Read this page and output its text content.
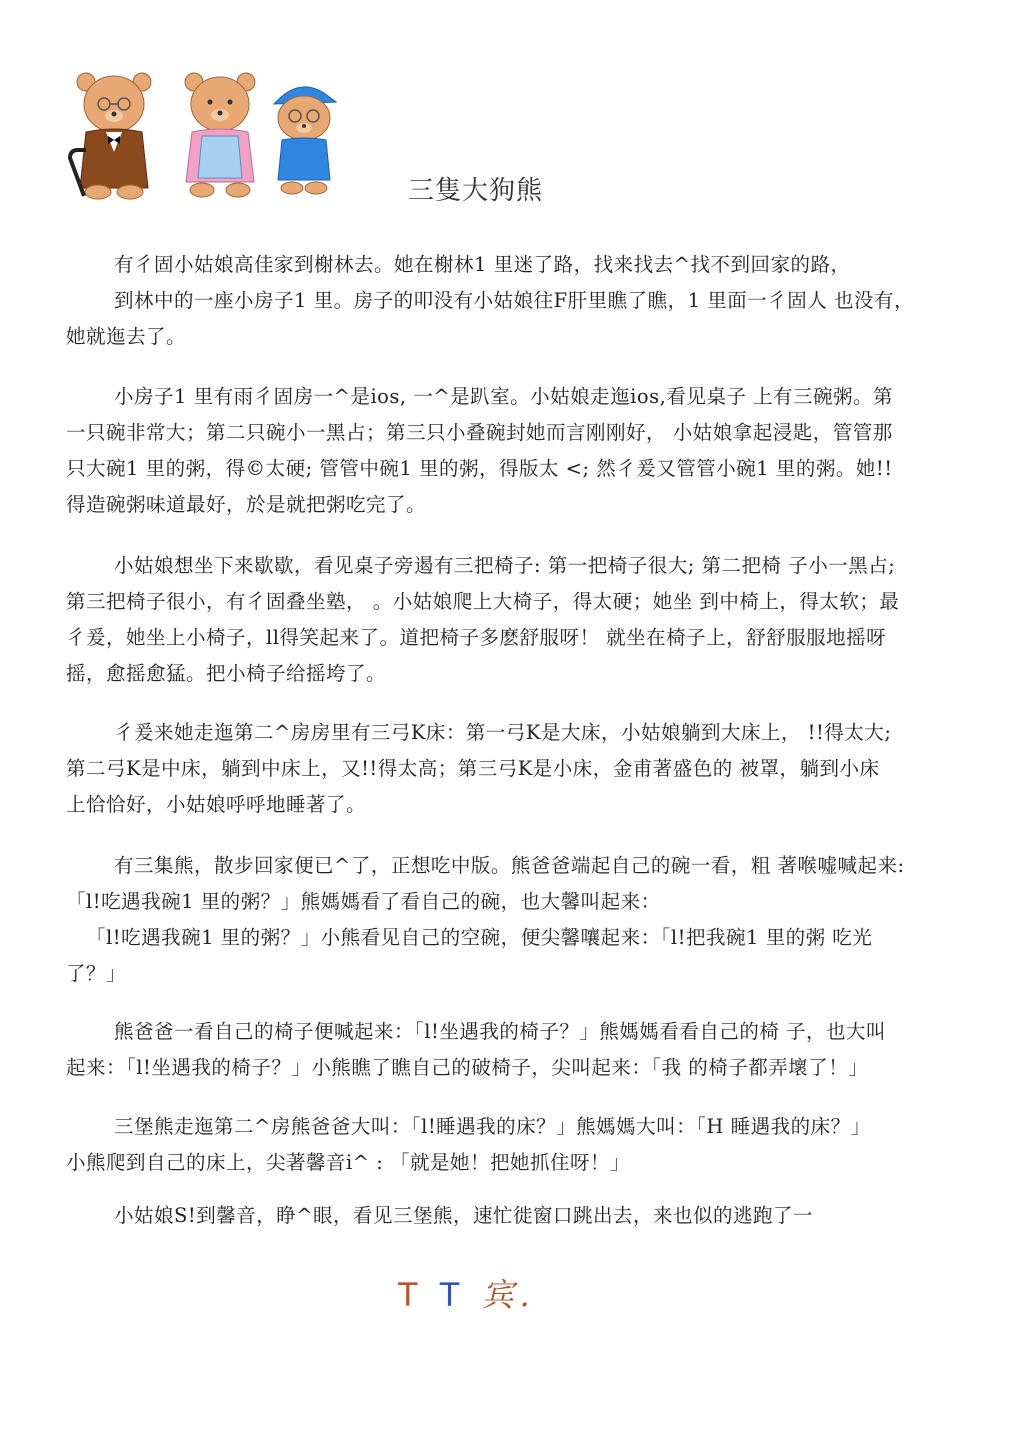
三隻大狗熊
有彳固小姑娘高佳家到榭林去。她在榭林1 里迷了路，找来找去^找不到回家的路，
到林中的一座小房子1 里。房子的叩没有小姑娘往F肝里瞧了瞧，1 里面一彳固人 也没有，
她就迤去了。
小房子1 里有雨彳固房一^是ios, 一^是趴室。小姑娘走迤ios,看见桌子 上有三碗粥。第
一只碗非常大；第二只碗小一黑占；第三只小叠碗封她而言刚刚好， 小姑娘拿起浸匙，管管那
只大碗1 里的粥，得©太硬; 管管中碗1 里的粥，得版太 <; 然彳爰又管管小碗1 里的粥。她!!
得造碗粥味道最好，於是就把粥吃完了。
小姑娘想坐下来歇歇，看见桌子旁遏有三把椅子: 第一把椅子很大; 第二把椅 子小一黑占;
第三把椅子很小，有彳固叠坐塾， 。小姑娘爬上大椅子，得太硬；她坐 到中椅上，得太软；最
彳爰，她坐上小椅子，ll得笑起来了。道把椅子多麽舒服呀！ 就坐在椅子上，舒舒服服地摇呀
摇，愈摇愈猛。把小椅子给摇垮了。
彳爰来她走迤第二^房房里有三弓K床：第一弓K是大床，小姑娘躺到大床上， !!得太大;
第二弓K是中床，躺到中床上，又!!得太高；第三弓K是小床，金甫著盛色的 被罩，躺到小床
上恰恰好，小姑娘呼呼地睡著了。
有三集熊，散步回家便已^了，正想吃中版。熊爸爸端起自己的碗一看，粗 著喉嘘喊起来:
「l!吃遇我碗1 里的粥？」熊媽媽看了看自己的碗，也大馨叫起来：
「l!吃遇我碗1 里的粥？」小熊看见自己的空碗，便尖馨嚷起来：「l!把我碗1 里的粥 吃光
了？」
熊爸爸一看自己的椅子便喊起来：「l!坐遇我的椅子？」熊媽媽看看自己的椅 子，也大叫
起来：「l!坐遇我的椅子？」小熊瞧了瞧自己的破椅子，尖叫起来：「我 的椅子都弄壞了！」
三堡熊走迤第二^房熊爸爸大叫：「l!睡遇我的床？」熊媽媽大叫：「H 睡遇我的床？」
小熊爬到自己的床上，尖著馨音i^ : 「就是她！把她抓住呀！」
小姑娘S!到馨音，睁^眼，看见三堡熊，速忙徙窗口跳出去，来也似的逃跑了一
T T 宾.
